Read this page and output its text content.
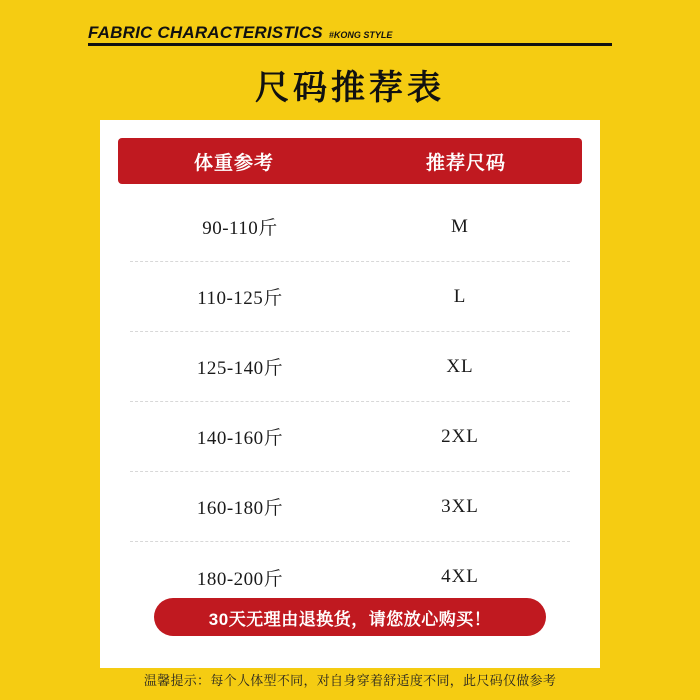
FABRIC CHARACTERISTICS #KONG STYLE
尺码推荐表
体重参考	推荐尺码
90-110斤	M
110-125斤	L
125-140斤	XL
140-160斤	2XL
160-180斤	3XL
180-200斤	4XL
30天无理由退换货，请您放心购买！
温馨提示：每个人体型不同，对自身穿着舒适度不同，此尺码仅做参考
